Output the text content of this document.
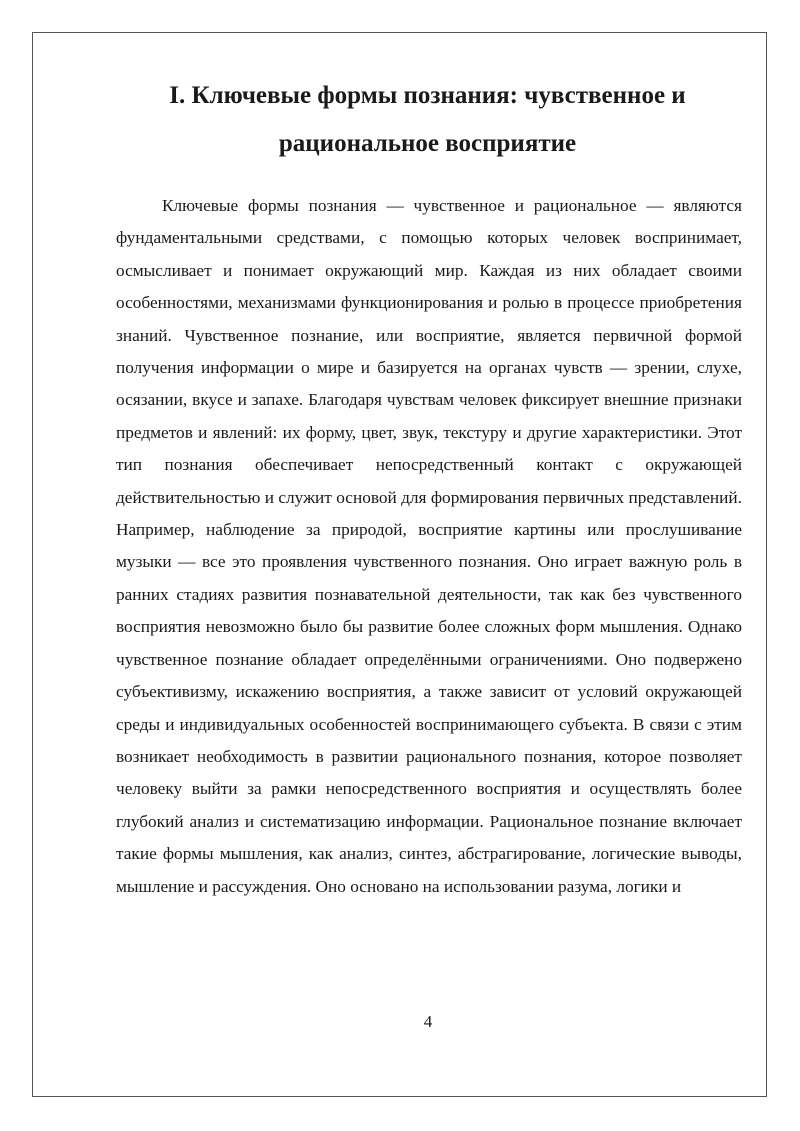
I. Ключевые формы познания: чувственное и
рациональное восприятие

Ключевые формы познания — чувственное и рациональное — являются фундаментальными средствами, с помощью которых человек воспринимает, осмысливает и понимает окружающий мир. Каждая из них обладает своими особенностями, механизмами функционирования и ролью в процессе приобретения знаний. Чувственное познание, или восприятие, является первичной формой получения информации о мире и базируется на органах чувств — зрении, слухе, осязании, вкусе и запахе. Благодаря чувствам человек фиксирует внешние признаки предметов и явлений: их форму, цвет, звук, текстуру и другие характеристики. Этот тип познания обеспечивает непосредственный контакт с окружающей действительностью и служит основой для формирования первичных представлений. Например, наблюдение за природой, восприятие картины или прослушивание музыки — все это проявления чувственного познания. Оно играет важную роль в ранних стадиях развития познавательной деятельности, так как без чувственного восприятия невозможно было бы развитие более сложных форм мышления. Однако чувственное познание обладает определёнными ограничениями. Оно подвержено субъективизму, искажению восприятия, а также зависит от условий окружающей среды и индивидуальных особенностей воспринимающего субъекта. В связи с этим возникает необходимость в развитии рационального познания, которое позволяет человеку выйти за рамки непосредственного восприятия и осуществлять более глубокий анализ и систематизацию информации. Рациональное познание включает такие формы мышления, как анализ, синтез, абстрагирование, логические выводы, мышление и рассуждения. Оно основано на использовании разума, логики и

4
